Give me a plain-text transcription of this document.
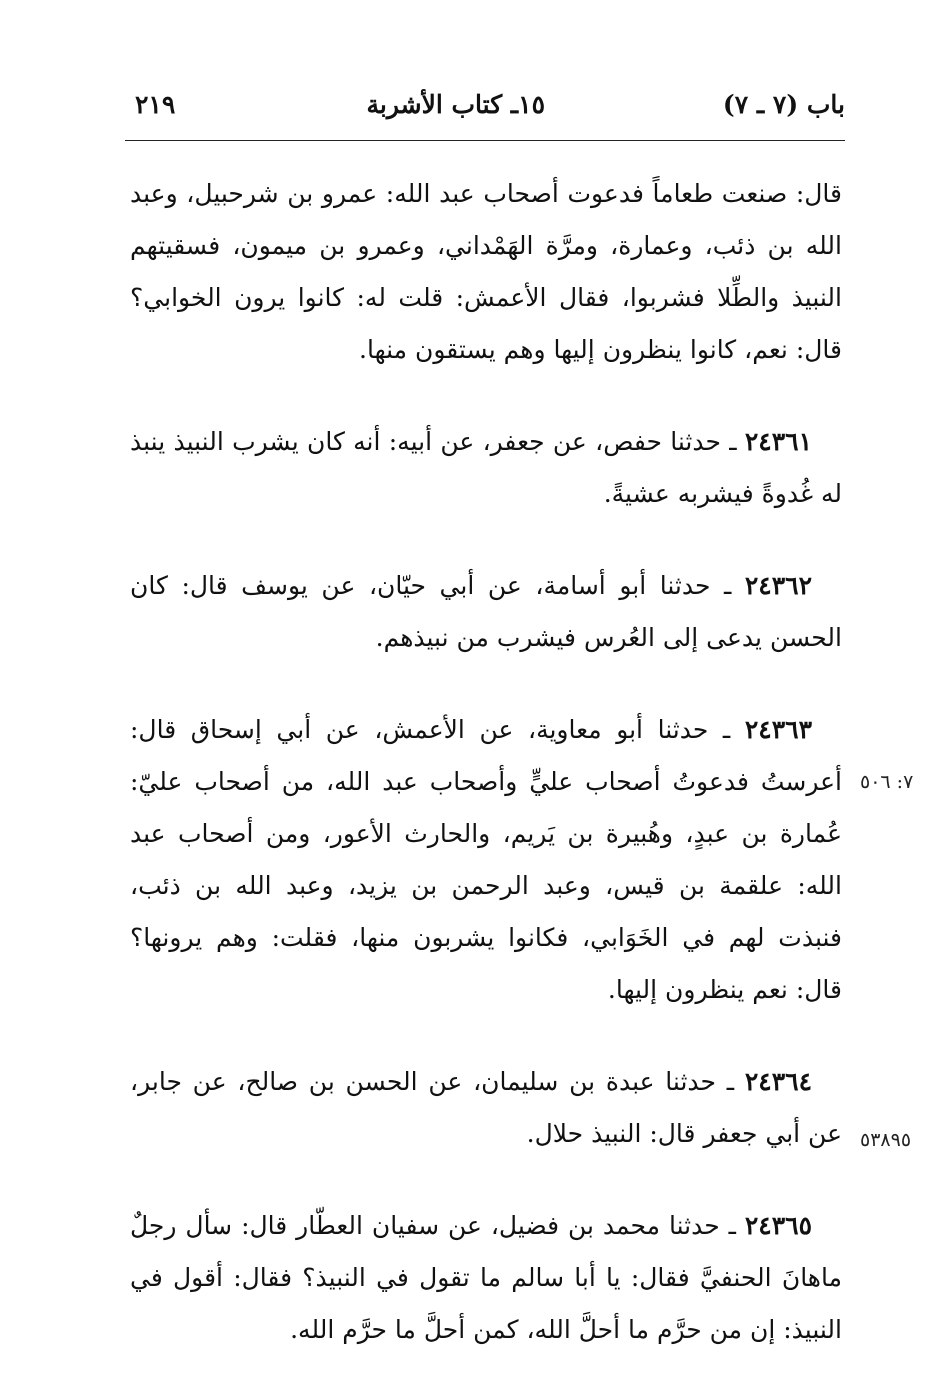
باب (٧ ـ ٧)
١٥ـ كتاب الأشربة
٢١٩

قال: صنعت طعاماً فدعوت أصحاب عبد الله: عمرو بن شرحبيل، وعبد الله بن ذئب، وعمارة، ومرَّة الهَمْداني، وعمرو بن ميمون، فسقيتهم النبيذ والطِّلا فشربوا، فقال الأعمش: قلت له: كانوا يرون الخوابي؟ قال: نعم، كانوا ينظرون إليها وهم يستقون منها.

٢٤٣٦١ ـ حدثنا حفص، عن جعفر، عن أبيه: أنه كان يشرب النبيذ ينبذ له غُدوةً فيشربه عشيةً.

٢٤٣٦٢ ـ حدثنا أبو أسامة، عن أبي حيّان، عن يوسف قال: كان الحسن يدعى إلى العُرس فيشرب من نبيذهم.

٢٤٣٦٣ ـ حدثنا أبو معاوية، عن الأعمش، عن أبي إسحاق قال: أعرستُ فدعوتُ أصحاب عليٍّ وأصحاب عبد الله، من أصحاب عليّ: عُمارة بن عبدٍ، وهُبيرة بن يَريم، والحارث الأعور، ومن أصحاب عبد الله: علقمة بن قيس، وعبد الرحمن بن يزيد، وعبد الله بن ذئب، فنبذت لهم في الخَوَابي، فكانوا يشربون منها، فقلت: وهم يرونها؟ قال: نعم ينظرون إليها.

٢٤٣٦٤ ـ حدثنا عبدة بن سليمان، عن الحسن بن صالح، عن جابر، عن أبي جعفر قال: النبيذ حلال.

٢٤٣٦٥ ـ حدثنا محمد بن فضيل، عن سفيان العطّار قال: سأل رجلٌ ماهانَ الحنفيَّ فقال: يا أبا سالم ما تقول في النبيذ؟ فقال: أقول في النبيذ: إن من حرَّم ما أحلَّ الله، كمن أحلَّ ما حرَّم الله.

٧: ٥٠٦
٥٣٨٩٥
